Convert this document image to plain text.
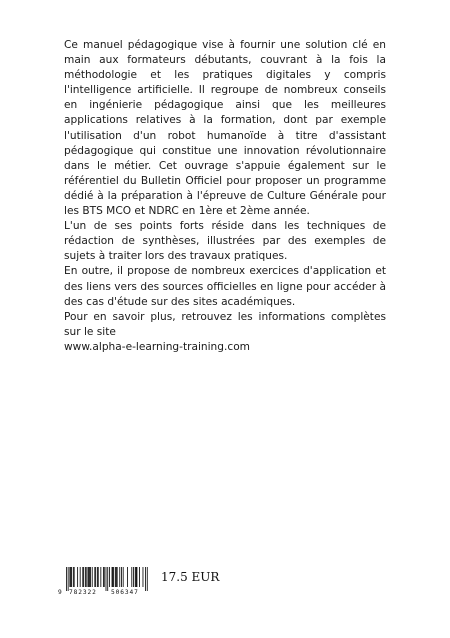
Ce manuel pédagogique vise à fournir une solution clé en main aux formateurs débutants, couvrant à la fois la méthodologie et les pratiques digitales y compris l'intelligence artificielle. Il regroupe de nombreux conseils en ingénierie pédagogique ainsi que les meilleures applications relatives à la formation, dont par exemple l'utilisation d'un robot humanoïde à titre d'assistant pédagogique qui constitue une innovation révolutionnaire dans le métier. Cet ouvrage s'appuie également sur le référentiel du Bulletin Officiel pour proposer un programme dédié à la préparation à l'épreuve de Culture Générale pour les BTS MCO et NDRC en 1ère et 2ème année.

L'un de ses points forts réside dans les techniques de rédaction de synthèses, illustrées par des exemples de sujets à traiter lors des travaux pratiques.

En outre, il propose de nombreux exercices d'application et des liens vers des sources officielles en ligne pour accéder à des cas d'étude sur des sites académiques.

Pour en savoir plus, retrouvez les informations complètes sur le site

www.alpha-e-learning-training.com

9 782322 506347
17.5 EUR
